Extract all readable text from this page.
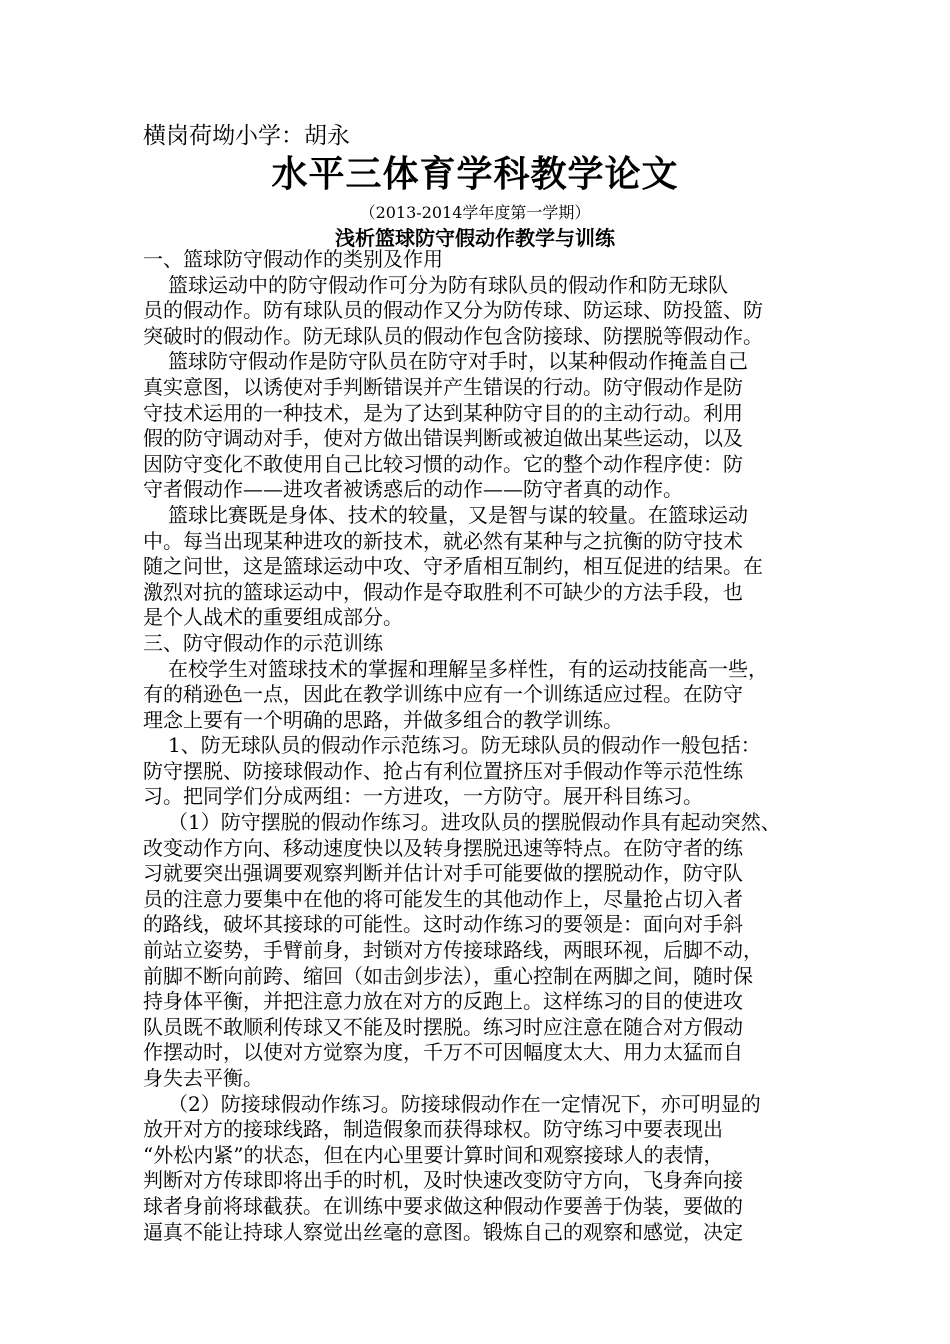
横岗荷坳小学：胡永
水平三体育学科教学论文
（2013-2014学年度第一学期）
浅析篮球防守假动作教学与训练
一、篮球防守假动作的类别及作用
篮球运动中的防守假动作可分为防有球队员的假动作和防无球队
员的假动作。防有球队员的假动作又分为防传球、防运球、防投篮、防
突破时的假动作。防无球队员的假动作包含防接球、防摆脱等假动作。
篮球防守假动作是防守队员在防守对手时，以某种假动作掩盖自己
真实意图，以诱使对手判断错误并产生错误的行动。防守假动作是防
守技术运用的一种技术，是为了达到某种防守目的的主动行动。利用
假的防守调动对手，使对方做出错误判断或被迫做出某些运动，以及
因防守变化不敢使用自己比较习惯的动作。它的整个动作程序使：防
守者假动作——进攻者被诱惑后的动作——防守者真的动作。
篮球比赛既是身体、技术的较量，又是智与谋的较量。在篮球运动
中。每当出现某种进攻的新技术，就必然有某种与之抗衡的防守技术
随之问世，这是篮球运动中攻、守矛盾相互制约，相互促进的结果。在
激烈对抗的篮球运动中，假动作是夺取胜利不可缺少的方法手段，也
是个人战术的重要组成部分。
三、防守假动作的示范训练
在校学生对篮球技术的掌握和理解呈多样性，有的运动技能高一些，
有的稍逊色一点，因此在教学训练中应有一个训练适应过程。在防守
理念上要有一个明确的思路，并做多组合的教学训练。
1、防无球队员的假动作示范练习。防无球队员的假动作一般包括：
防守摆脱、防接球假动作、抢占有利位置挤压对手假动作等示范性练
习。把同学们分成两组：一方进攻，一方防守。展开科目练习。
（1）防守摆脱的假动作练习。进攻队员的摆脱假动作具有起动突然、
改变动作方向、移动速度快以及转身摆脱迅速等特点。在防守者的练
习就要突出强调要观察判断并估计对手可能要做的摆脱动作，防守队
员的注意力要集中在他的将可能发生的其他动作上，尽量抢占切入者
的路线，破坏其接球的可能性。这时动作练习的要领是：面向对手斜
前站立姿势，手臂前身，封锁对方传接球路线，两眼环视，后脚不动，
前脚不断向前跨、缩回（如击剑步法），重心控制在两脚之间，随时保
持身体平衡，并把注意力放在对方的反跑上。这样练习的目的使进攻
队员既不敢顺利传球又不能及时摆脱。练习时应注意在随合对方假动
作摆动时，以使对方觉察为度，千万不可因幅度太大、用力太猛而自
身失去平衡。
（2）防接球假动作练习。防接球假动作在一定情况下，亦可明显的
放开对方的接球线路，制造假象而获得球权。防守练习中要表现出
“外松内紧”的状态，但在内心里要计算时间和观察接球人的表情，
判断对方传球即将出手的时机，及时快速改变防守方向，飞身奔向接
球者身前将球截获。在训练中要求做这种假动作要善于伪装，要做的
逼真不能让持球人察觉出丝毫的意图。锻炼自己的观察和感觉，决定
